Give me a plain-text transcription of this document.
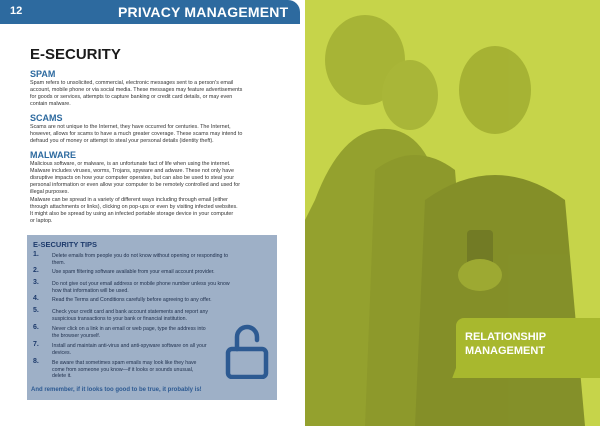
12	PRIVACY MANAGEMENT
E-SECURITY
SPAM
Spam refers to unsolicited, commercial, electronic messages sent to a person's email
account, mobile phone or via social media. These messages may feature advertisements
for goods or services, attempts to capture banking or credit card details, or may even
contain malware.
SCAMS
Scams are not unique to the Internet, they have occurred for centuries. The Internet,
however, allows for scams to have a much greater coverage. These scams may intend to
defraud you of money or attempt to steal your personal details (identity theft).
MALWARE
Malicious software, or malware, is an unfortunate fact of life when using the internet.
Malware includes viruses, worms, Trojans, spyware and adware. These not only have
disruptive impacts on how your computer operates, but can also be used to steal your
personal information or even allow your computer to be remotely controlled and used for
illegal purposes.
Malware can be spread in a variety of different ways including through email (either
through attachments or links), clicking on pop-ups or even by visiting infected websites.
It might also be spread by using an infected portable storage device in your computer
or laptop.
E-SECURITY TIPS
1.	Delete emails from people you do not know without opening or responding to them.
2.	Use spam filtering software available from your email account provider.
3.	Do not give out your email address or mobile phone number unless you know how that information will be used.
4.	Read the Terms and Conditions carefully before agreeing to any offer.
5.	Check your credit card and bank account statements and report any suspicious transactions to your bank or financial institution.
6.	Never click on a link in an email or web page, type the address into the browser yourself.
7.	Install and maintain anti-virus and anti-spyware software on all your devices.
8.	Be aware that sometimes spam emails may look like they have come from someone you know—if it looks or sounds unusual, delete it.
And remember, if it looks too good to be true, it probably is!
RELATIONSHIP MANAGEMENT
